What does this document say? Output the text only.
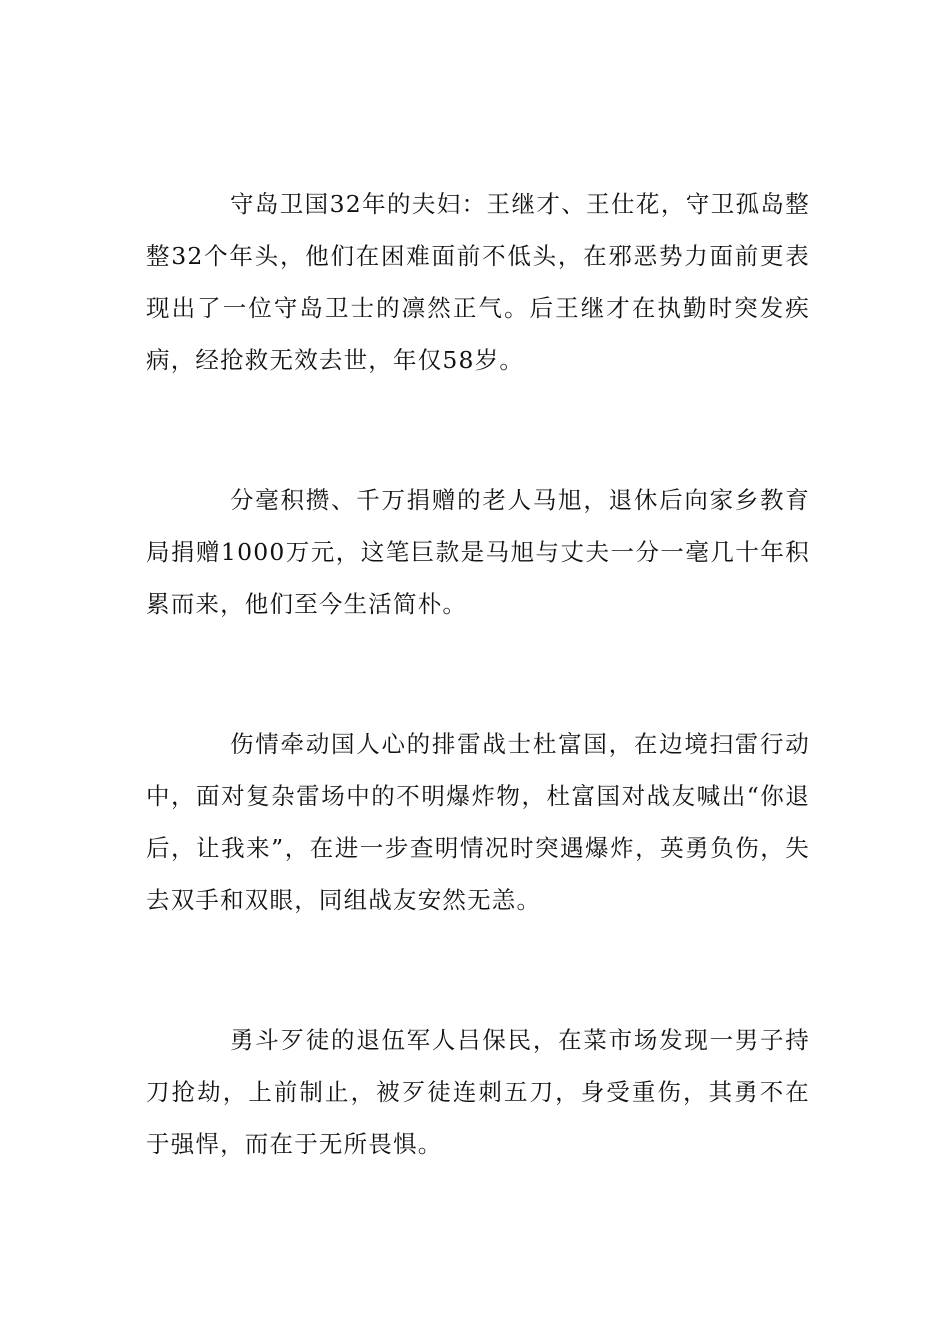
守岛卫国32年的夫妇：王继才、王仕花，守卫孤岛整整32个年头，他们在困难面前不低头，在邪恶势力面前更表现出了一位守岛卫士的凛然正气。后王继才在执勤时突发疾病，经抢救无效去世，年仅58岁。

分毫积攒、千万捐赠的老人马旭，退休后向家乡教育局捐赠1000万元，这笔巨款是马旭与丈夫一分一毫几十年积累而来，他们至今生活简朴。

伤情牵动国人心的排雷战士杜富国，在边境扫雷行动中，面对复杂雷场中的不明爆炸物，杜富国对战友喊出“你退后，让我来”，在进一步查明情况时突遇爆炸，英勇负伤，失去双手和双眼，同组战友安然无恙。

勇斗歹徒的退伍军人吕保民，在菜市场发现一男子持刀抢劫，上前制止，被歹徒连刺五刀，身受重伤，其勇不在于强悍，而在于无所畏惧。
